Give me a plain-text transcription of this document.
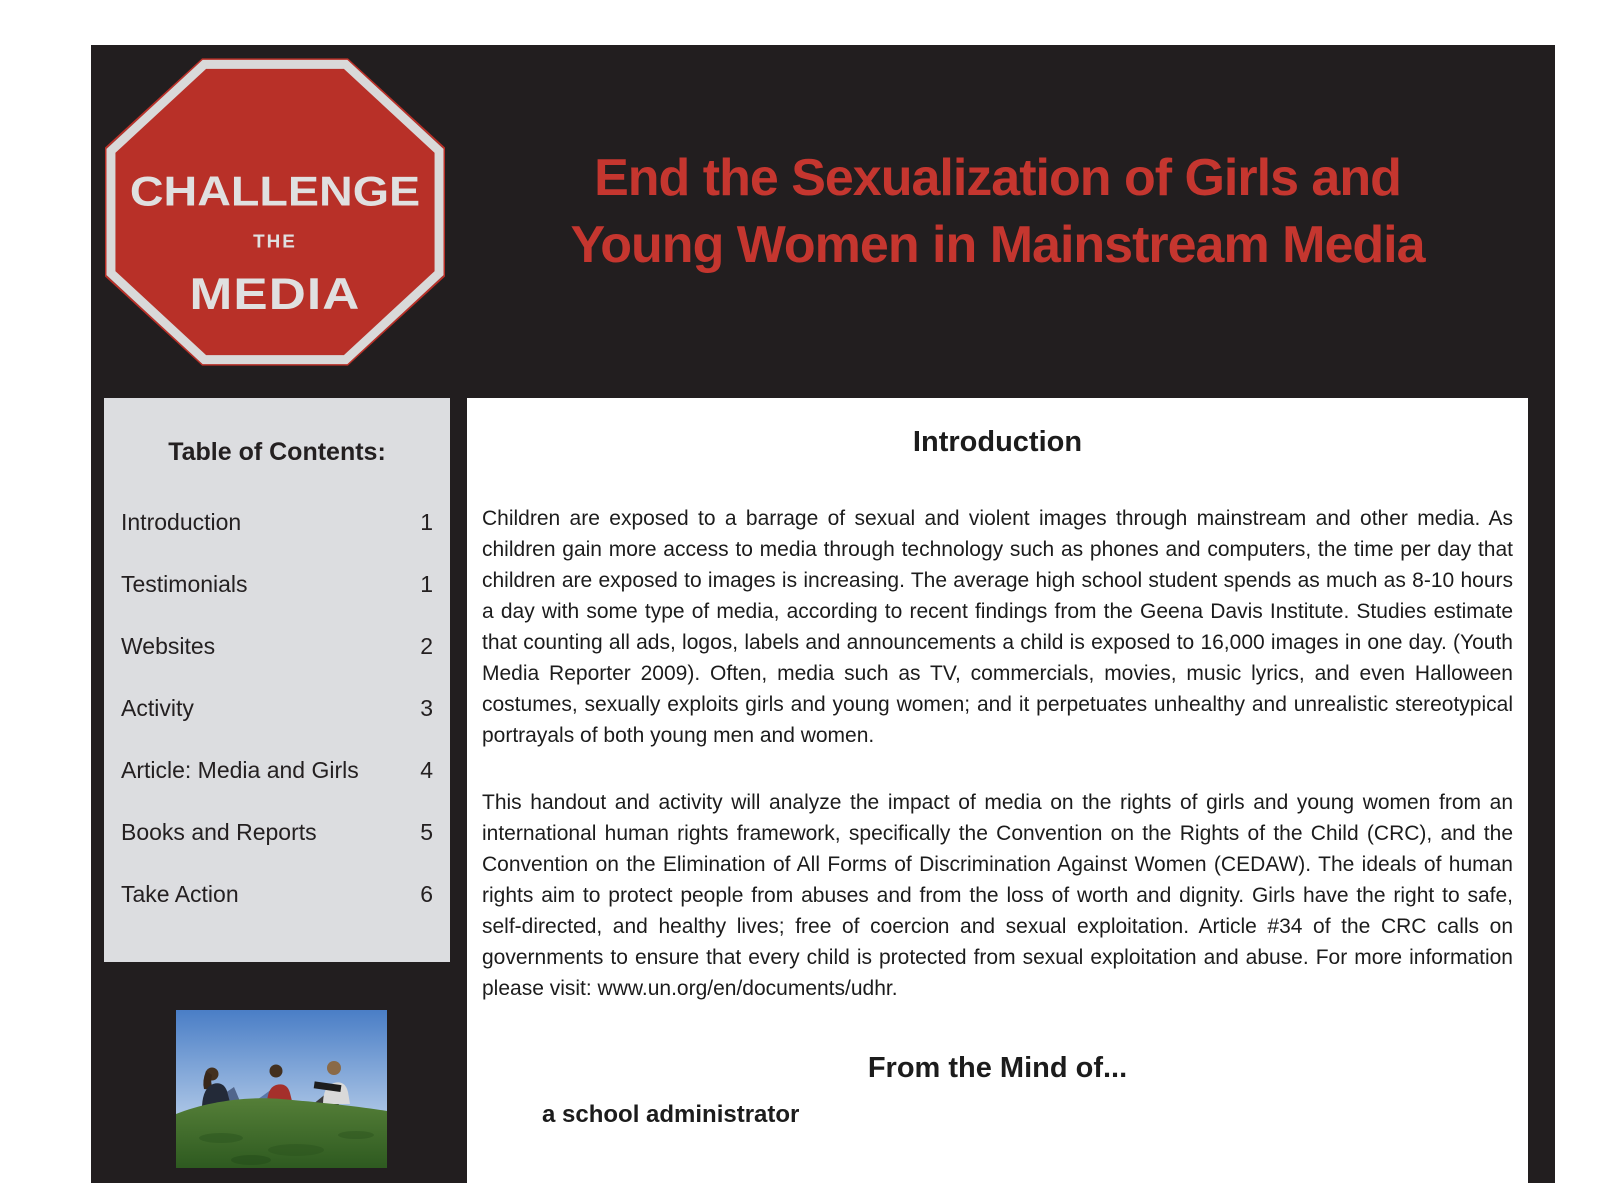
CHALLENGE
THE
MEDIA
End the Sexualization of Girls and
Young Women in Mainstream Media
Table of Contents:
Introduction	1
Testimonials	1
Websites	2
Activity	3
Article: Media and Girls	4
Books and Reports	5
Take Action	6
Introduction

Children are exposed to a barrage of sexual and violent images through mainstream and other media. As children gain more access to media through technology such as phones and computers, the time per day that children are exposed to images is increasing. The average high school student spends as much as 8-10 hours a day with some type of media, according to recent findings from the Geena Davis Institute. Studies estimate that counting all ads, logos, labels and announcements a child is exposed to 16,000 images in one day. (Youth Media Reporter 2009). Often, media such as TV, commercials, movies, music lyrics, and even Halloween costumes, sexually exploits girls and young women; and it perpetuates unhealthy and unrealistic stereotypical portrayals of both young men and women.

This handout and activity will analyze the impact of media on the rights of girls and young women from an international human rights framework, specifically the Convention on the Rights of the Child (CRC), and the Convention on the Elimination of All Forms of Discrimination Against Women (CEDAW). The ideals of human rights aim to protect people from abuses and from the loss of worth and dignity. Girls have the right to safe, self-directed, and healthy lives; free of coercion and sexual exploitation. Article #34 of the CRC calls on governments to ensure that every child is protected from sexual exploitation and abuse. For more information please visit: www.un.org/en/documents/udhr.

From the Mind of...

a school administrator
